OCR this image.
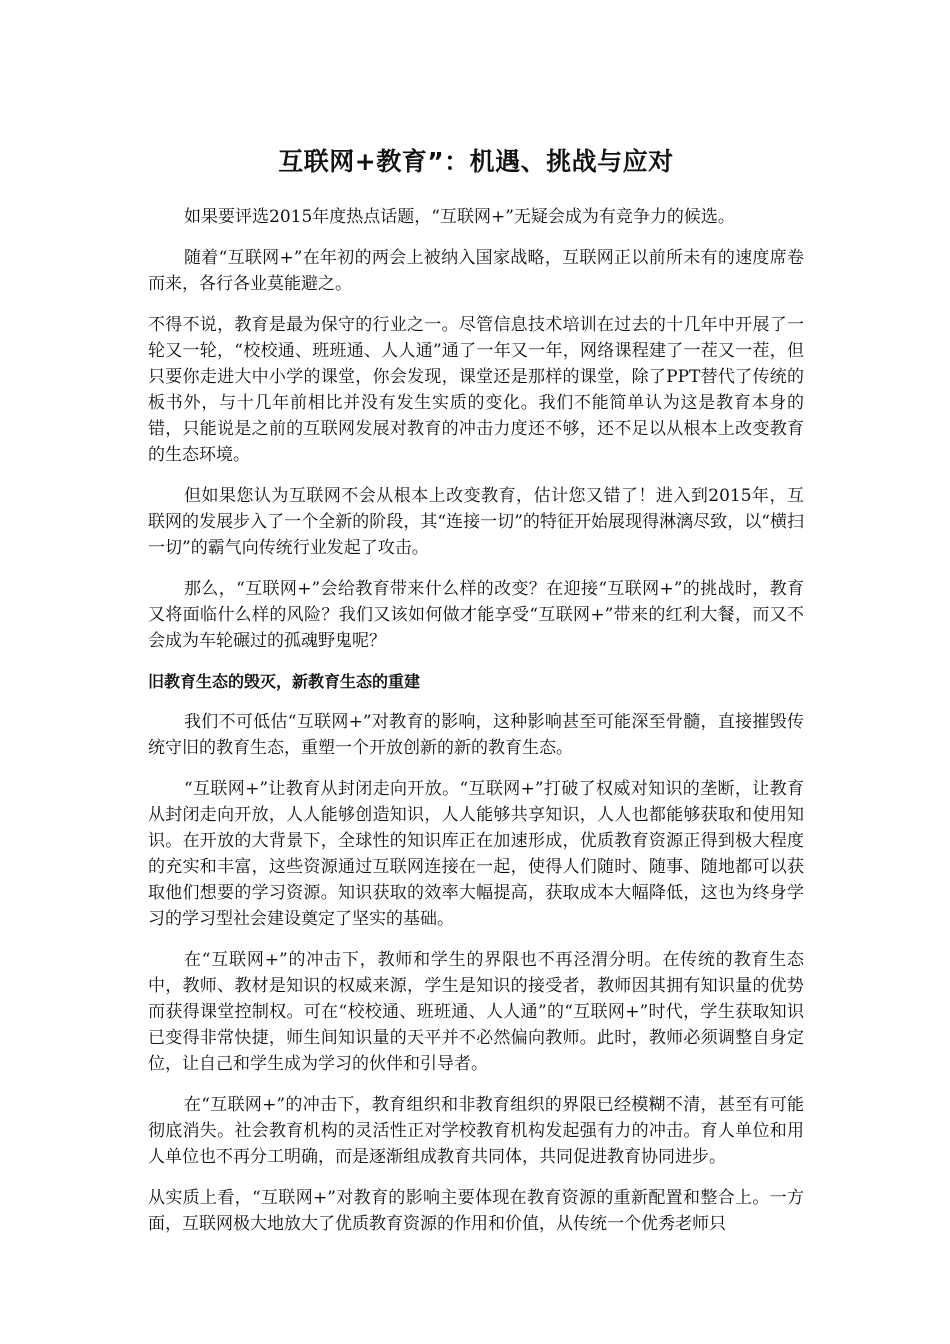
互联网+教育”：机遇、挑战与应对

如果要评选2015年度热点话题，“互联网+”无疑会成为有竞争力的候选。

随着“互联网+”在年初的两会上被纳入国家战略，互联网正以前所未有的速度席卷而来，各行各业莫能避之。

不得不说，教育是最为保守的行业之一。尽管信息技术培训在过去的十几年中开展了一轮又一轮，“校校通、班班通、人人通”通了一年又一年，网络课程建了一茬又一茬，但只要你走进大中小学的课堂，你会发现，课堂还是那样的课堂，除了PPT替代了传统的板书外，与十几年前相比并没有发生实质的变化。我们不能简单认为这是教育本身的错，只能说是之前的互联网发展对教育的冲击力度还不够，还不足以从根本上改变教育的生态环境。

但如果您认为互联网不会从根本上改变教育，估计您又错了！进入到2015年，互联网的发展步入了一个全新的阶段，其“连接一切”的特征开始展现得淋漓尽致，以“横扫一切”的霸气向传统行业发起了攻击。

那么，“互联网+”会给教育带来什么样的改变？在迎接“互联网+”的挑战时，教育又将面临什么样的风险？我们又该如何做才能享受“互联网+”带来的红利大餐，而又不会成为车轮碾过的孤魂野鬼呢？

旧教育生态的毁灭，新教育生态的重建

我们不可低估“互联网+”对教育的影响，这种影响甚至可能深至骨髓，直接摧毁传统守旧的教育生态，重塑一个开放创新的新的教育生态。

“互联网+”让教育从封闭走向开放。“互联网+”打破了权威对知识的垄断，让教育从封闭走向开放，人人能够创造知识，人人能够共享知识，人人也都能够获取和使用知识。在开放的大背景下，全球性的知识库正在加速形成，优质教育资源正得到极大程度的充实和丰富，这些资源通过互联网连接在一起，使得人们随时、随事、随地都可以获取他们想要的学习资源。知识获取的效率大幅提高，获取成本大幅降低，这也为终身学习的学习型社会建设奠定了坚实的基础。

在“互联网+”的冲击下，教师和学生的界限也不再泾渭分明。在传统的教育生态中，教师、教材是知识的权威来源，学生是知识的接受者，教师因其拥有知识量的优势而获得课堂控制权。可在“校校通、班班通、人人通”的“互联网+”时代，学生获取知识已变得非常快捷，师生间知识量的天平并不必然偏向教师。此时，教师必须调整自身定位，让自己和学生成为学习的伙伴和引导者。

在“互联网+”的冲击下，教育组织和非教育组织的界限已经模糊不清，甚至有可能彻底消失。社会教育机构的灵活性正对学校教育机构发起强有力的冲击。育人单位和用人单位也不再分工明确，而是逐渐组成教育共同体，共同促进教育协同进步。

从实质上看，“互联网+”对教育的影响主要体现在教育资源的重新配置和整合上。一方面，互联网极大地放大了优质教育资源的作用和价值，从传统一个优秀老师只
